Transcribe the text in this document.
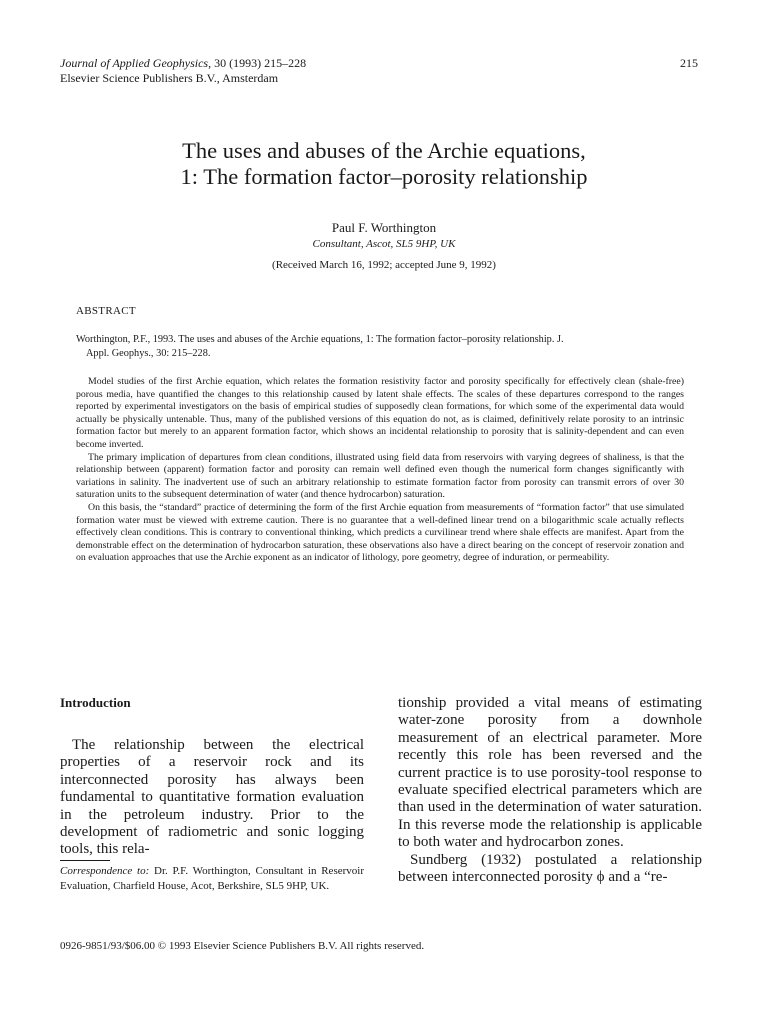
Journal of Applied Geophysics, 30 (1993) 215–228
Elsevier Science Publishers B.V., Amsterdam
215
The uses and abuses of the Archie equations,
1: The formation factor–porosity relationship
Paul F. Worthington
Consultant, Ascot, SL5 9HP, UK
(Received March 16, 1992; accepted June 9, 1992)
ABSTRACT
Worthington, P.F., 1993. The uses and abuses of the Archie equations, 1: The formation factor–porosity relationship. J.
Appl. Geophys., 30: 215–228.

Model studies of the first Archie equation, which relates the formation resistivity factor and porosity specifically for effectively clean (shale-free) porous media, have quantified the changes to this relationship caused by latent shale effects. The scales of these departures correspond to the ranges reported by experimental investigators on the basis of empirical studies of supposedly clean formations, for which some of the experimental data would actually be physically untenable. Thus, many of the published versions of this equation do not, as is claimed, definitively relate porosity to an intrinsic formation factor but merely to an apparent formation factor, which shows an incidental relationship to porosity that is salinity-dependent and can even become inverted.

The primary implication of departures from clean conditions, illustrated using field data from reservoirs with varying degrees of shaliness, is that the relationship between (apparent) formation factor and porosity can remain well defined even though the numerical form changes significantly with variations in salinity. The inadvertent use of such an arbitrary relationship to estimate formation factor from porosity can transmit errors of over 30 saturation units to the subsequent determination of water (and thence hydrocarbon) saturation.

On this basis, the “standard” practice of determining the form of the first Archie equation from measurements of “formation factor” that use simulated formation water must be viewed with extreme caution. There is no guarantee that a well-defined linear trend on a bilogarithmic scale actually reflects effectively clean conditions. This is contrary to conventional thinking, which predicts a curvilinear trend where shale effects are manifest. Apart from the demonstrable effect on the determination of hydrocarbon saturation, these observations also have a direct bearing on the concept of reservoir zonation and on evaluation approaches that use the Archie exponent as an indicator of lithology, pore geometry, degree of induration, or permeability.

Introduction

The relationship between the electrical properties of a reservoir rock and its interconnected porosity has always been fundamental to quantitative formation evaluation in the petroleum industry. Prior to the development of radiometric and sonic logging tools, this rela-

tionship provided a vital means of estimating water-zone porosity from a downhole measurement of an electrical parameter. More recently this role has been reversed and the current practice is to use porosity-tool response to evaluate specified electrical parameters which are than used in the determination of water saturation. In this reverse mode the relationship is applicable to both water and hydrocarbon zones.

Sundberg (1932) postulated a relationship between interconnected porosity ϕ and a “re-

Correspondence to: Dr. P.F. Worthington, Consultant in Reservoir Evaluation, Charfield House, Acot, Berkshire, SL5 9HP, UK.
0926-9851/93/$06.00 © 1993 Elsevier Science Publishers B.V. All rights reserved.
